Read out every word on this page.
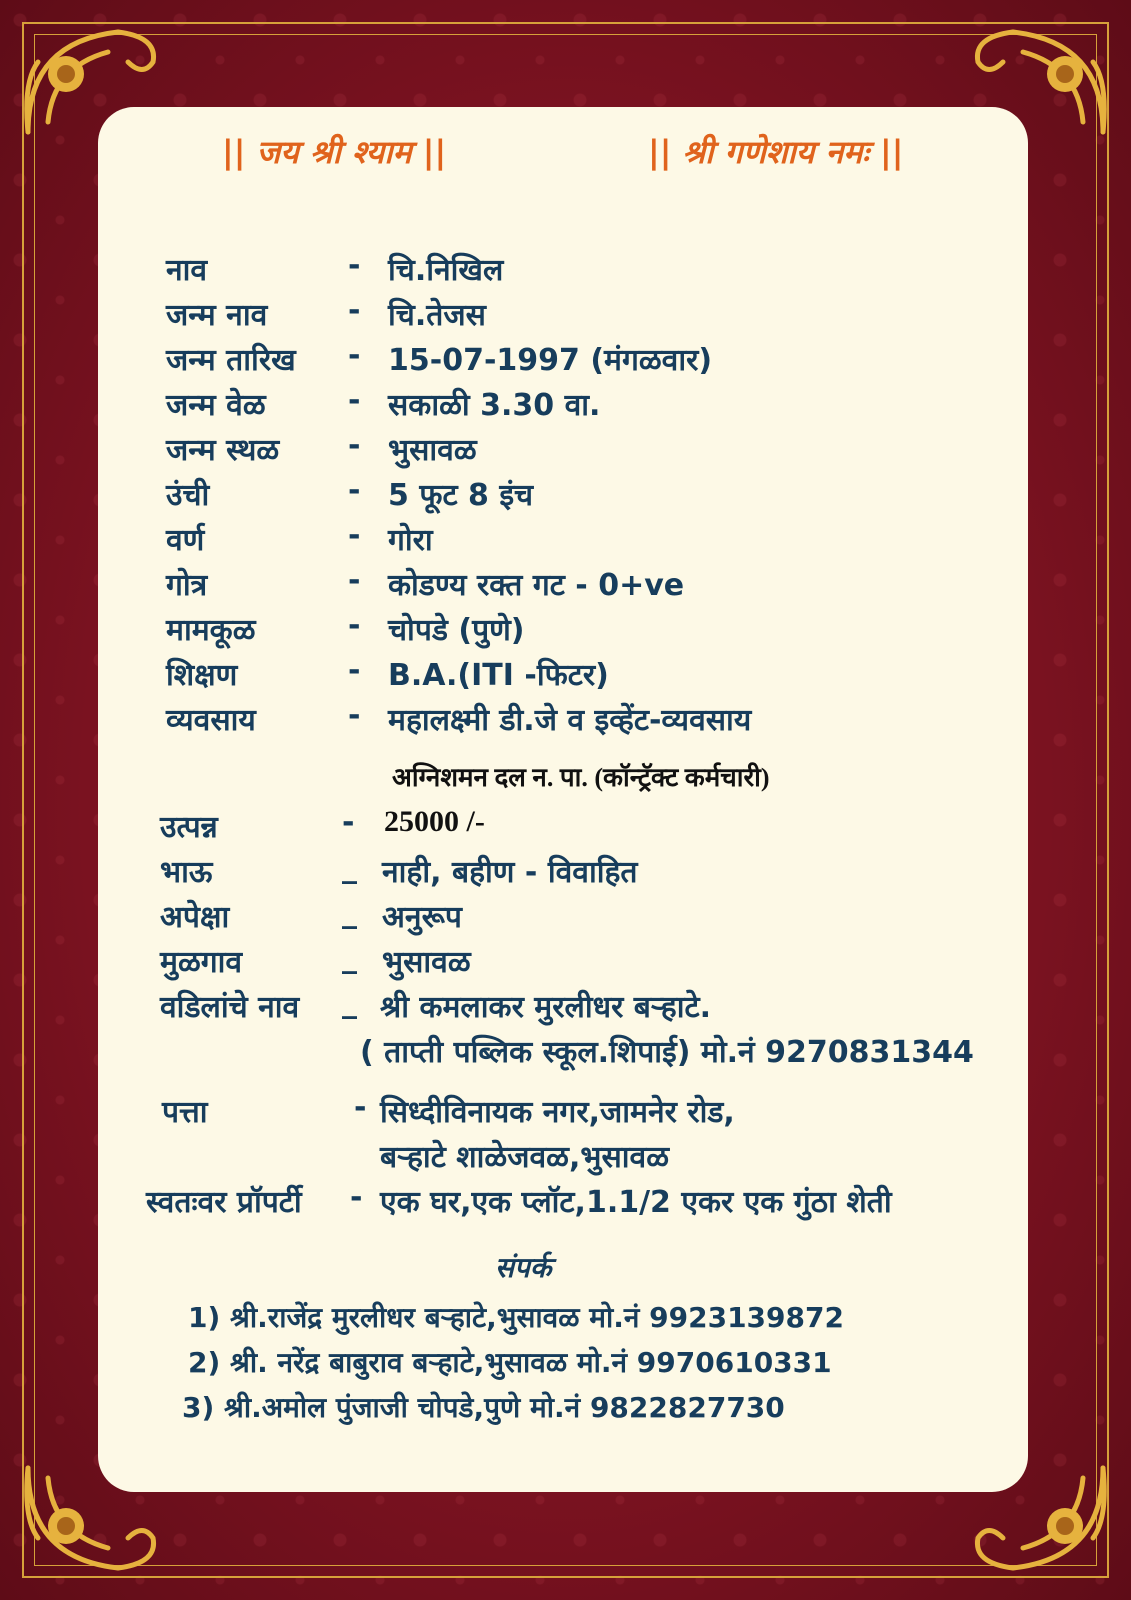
|| जय श्री श्याम ||	|| श्री गणेशाय नमः ||
नाव	- चि.निखिल
जन्म नाव	- चि.तेजस
जन्म तारिख - 15-07-1997 (मंगळवार)
जन्म वेळ	- सकाळी 3.30 वा.
जन्म स्थळ - भुसावळ
उंची	- 5 फूट 8 इंच
वर्ण	- गोरा
गोत्र	- कोडण्य रक्त गट - 0+ve
मामकूळ	- चोपडे (पुणे)
शिक्षण	- B.A.(ITI -फिटर)
व्यवसाय	- महालक्ष्मी डी.जे व इव्हेंट-व्यवसाय
अग्निशमन दल न. पा. (कॉन्ट्रॅक्ट कर्मचारी)
उत्पन्न	- 25000 /-
भाऊ	_ नाही, बहीण - विवाहित
अपेक्षा	_ अनुरूप
मुळगाव	_ भुसावळ
वडिलांचे नाव _ श्री कमलाकर मुरलीधर बऱ्हाटे.
( ताप्ती पब्लिक स्कूल.शिपाई) मो.नं 9270831344
पत्ता	- सिध्दीविनायक नगर,जामनेर रोड,
बऱ्हाटे शाळेजवळ,भुसावळ
स्वतःवर प्रॉपर्टी - एक घर,एक प्लॉट,1.1/2 एकर एक गुंठा शेती
संपर्क
1) श्री.राजेंद्र मुरलीधर बऱ्हाटे,भुसावळ मो.नं 9923139872
2) श्री. नरेंद्र बाबुराव बऱ्हाटे,भुसावळ मो.नं 9970610331
3) श्री.अमोल पुंजाजी चोपडे,पुणे मो.नं 9822827730
